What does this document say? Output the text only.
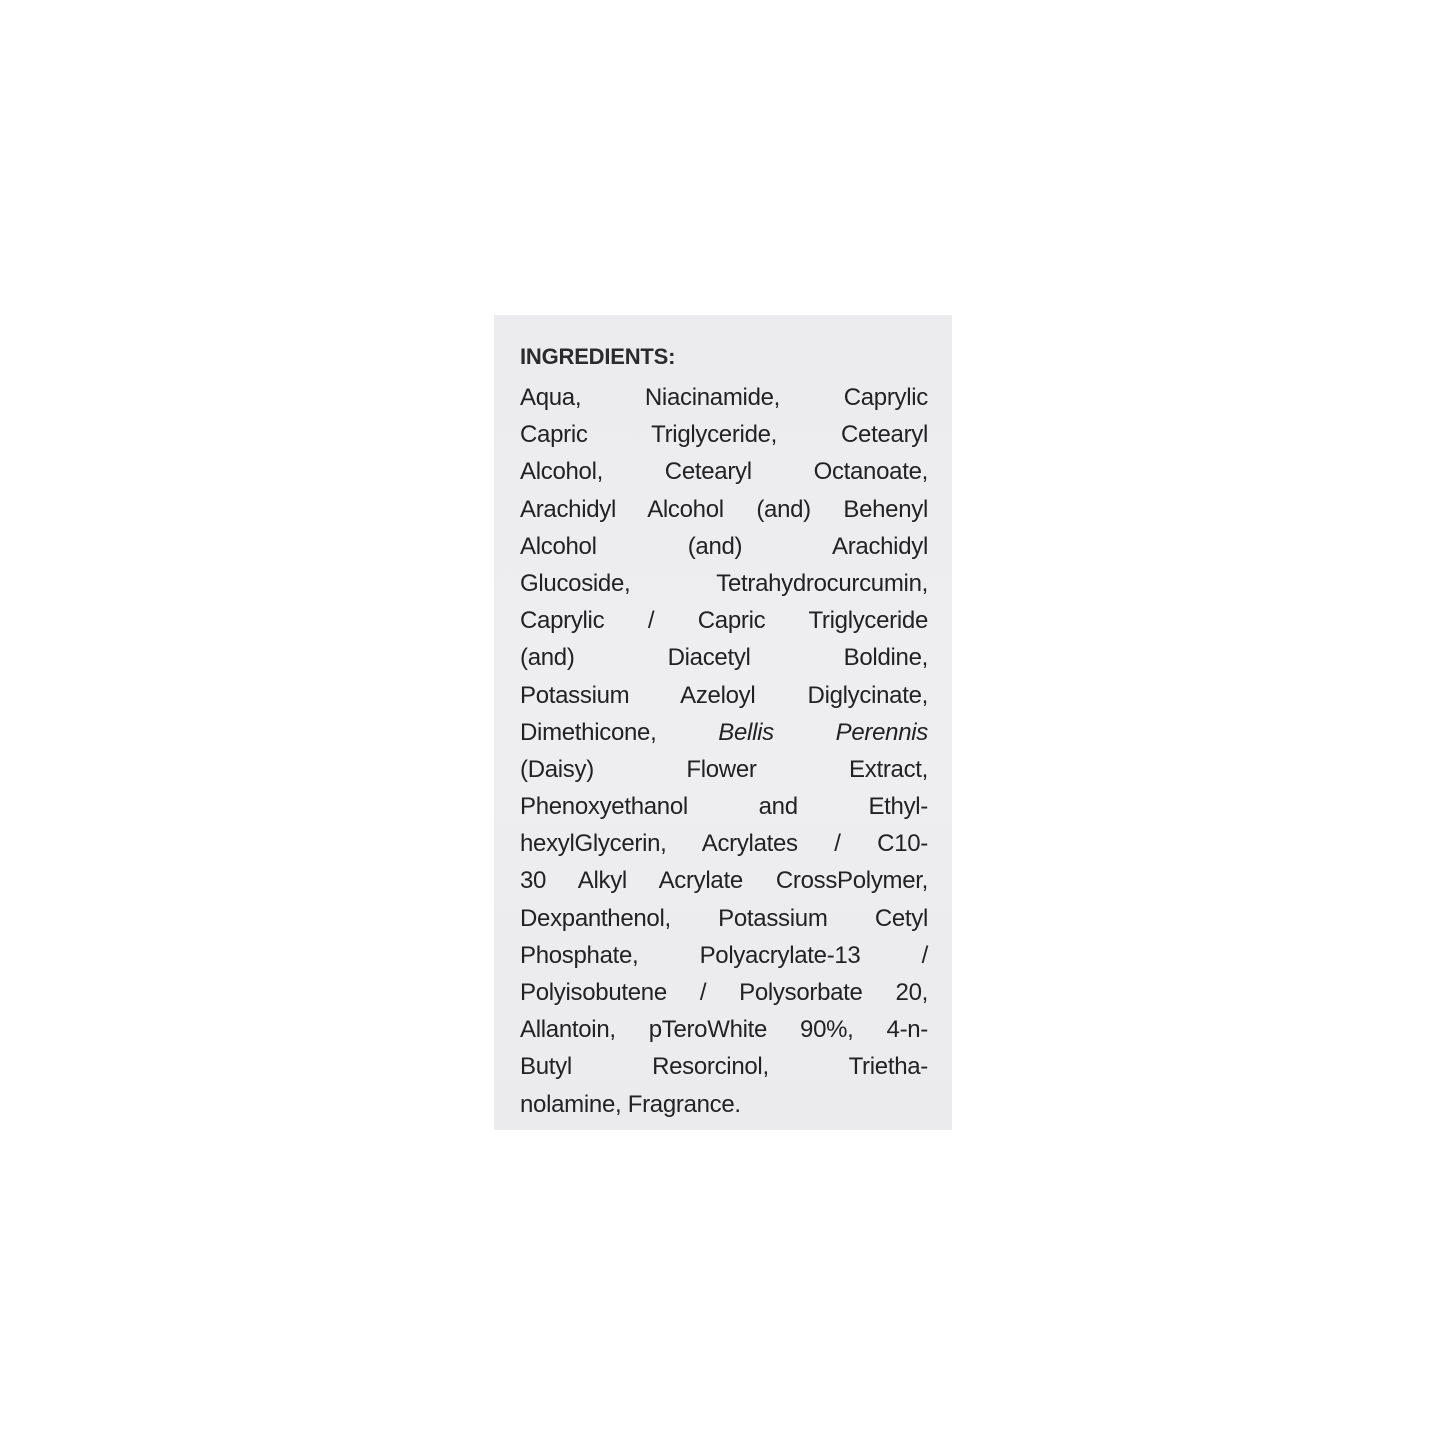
INGREDIENTS:
Aqua, Niacinamide, Caprylic
Capric Triglyceride, Cetearyl
Alcohol, Cetearyl Octanoate,
Arachidyl Alcohol (and) Behenyl
Alcohol (and) Arachidyl
Glucoside, Tetrahydrocurcumin,
Caprylic / Capric Triglyceride
(and) Diacetyl Boldine,
Potassium Azeloyl Diglycinate,
Dimethicone,	Bellis Perennis
(Daisy) Flower Extract,
Phenoxyethanol and Ethyl-
hexylGlycerin, Acrylates / C10-
30 Alkyl Acrylate CrossPolymer,
Dexpanthenol, Potassium Cetyl
Phosphate, Polyacrylate-13 /
Polyisobutene / Polysorbate 20,
Allantoin, pTeroWhite 90%, 4-n-
Butyl Resorcinol, Trietha-
nolamine, Fragrance.
